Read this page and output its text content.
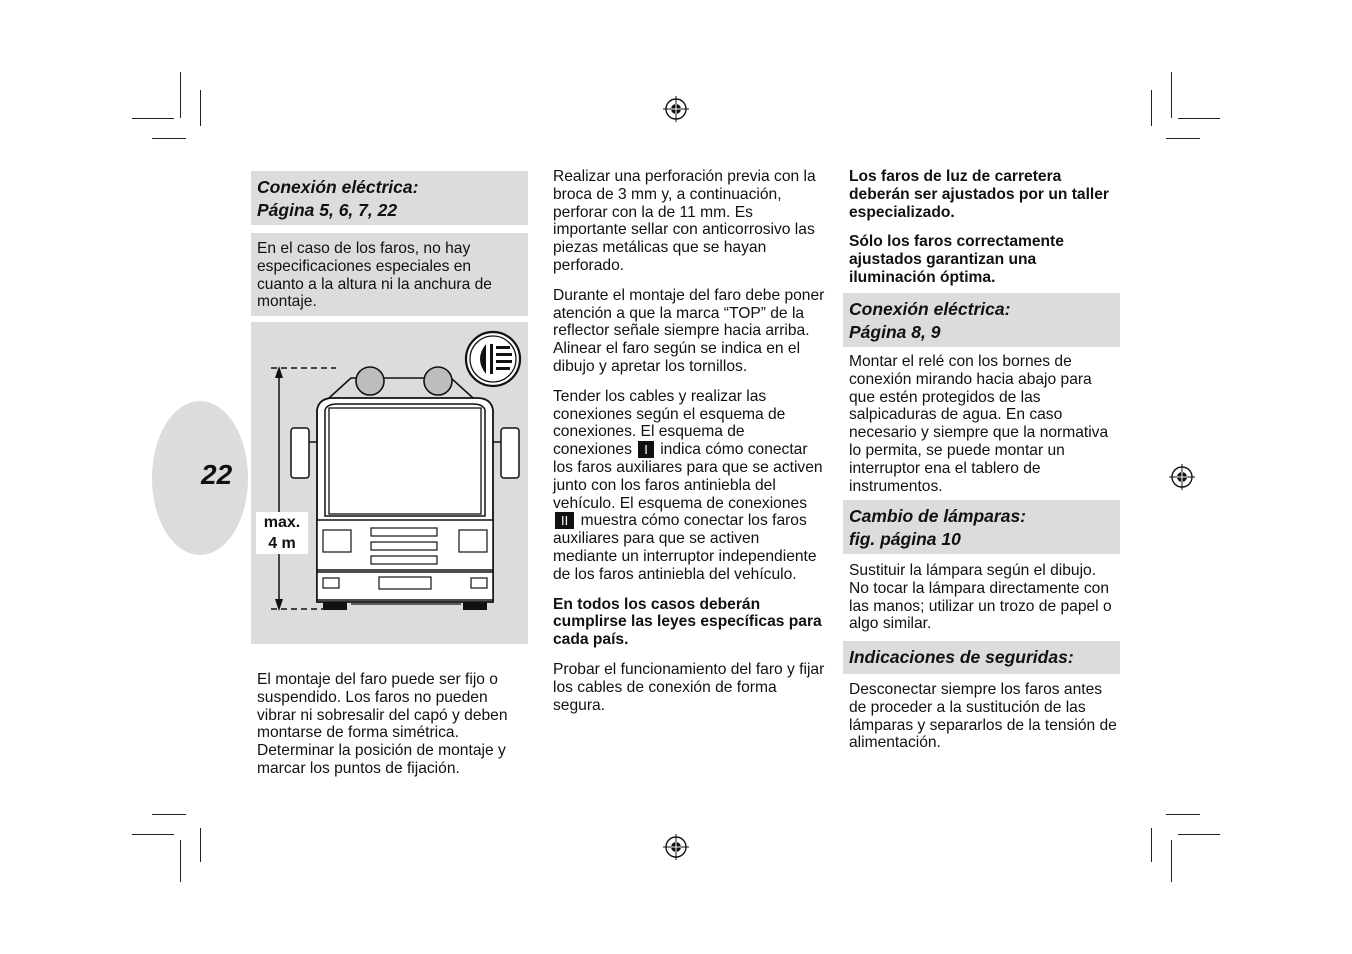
22
Conexión eléctrica:
Página 5, 6, 7, 22
En el caso de los faros, no hay especificaciones especiales en cuanto a la altura ni la anchura de montaje.
max.
4 m
El montaje del faro puede ser fijo o suspendido. Los faros no pueden vibrar ni sobresalir del capó y deben montarse de forma simétrica. Determinar la posición de montaje y marcar los puntos de fijación.

Realizar una perforación previa con la broca de 3 mm y, a continuación, perforar con la de 11 mm. Es importante sellar con anticorrosivo las piezas metálicas que se hayan perforado.

Durante el montaje del faro debe poner atención a que la marca “TOP” de la reflector señale siempre hacia arriba. Alinear el faro según se indica en el dibujo y apretar los tornillos.

Tender los cables y realizar las conexiones según el esquema de conexiones. El esquema de conexiones I indica cómo conectar los faros auxiliares para que se activen junto con los faros antiniebla del vehículo. El esquema de conexiones II muestra cómo conectar los faros auxiliares para que se activen mediante un interruptor independiente de los faros antiniebla del vehículo.

En todos los casos deberán cumplirse las leyes específicas para cada país.

Probar el funcionamiento del faro y fijar los cables de conexión de forma segura.

Los faros de luz de carretera deberán ser ajustados por un taller especializado.

Sólo los faros correctamente ajustados garantizan una iluminación óptima.

Conexión eléctrica:
Página 8, 9
Montar el relé con los bornes de conexión mirando hacia abajo para que estén protegidos de las salpicaduras de agua. En caso necesario y siempre que la normativa lo permita, se puede montar un interruptor ena el tablero de instrumentos.
Cambio de lámparas:
fig. página 10
Sustituir la lámpara según el dibujo. No tocar la lámpara directamente con las manos; utilizar un trozo de papel o algo similar.
Indicaciones de seguridas:
Desconectar siempre los faros antes de proceder a la sustitución de las lámparas y separarlos de la tensión de alimentación.
